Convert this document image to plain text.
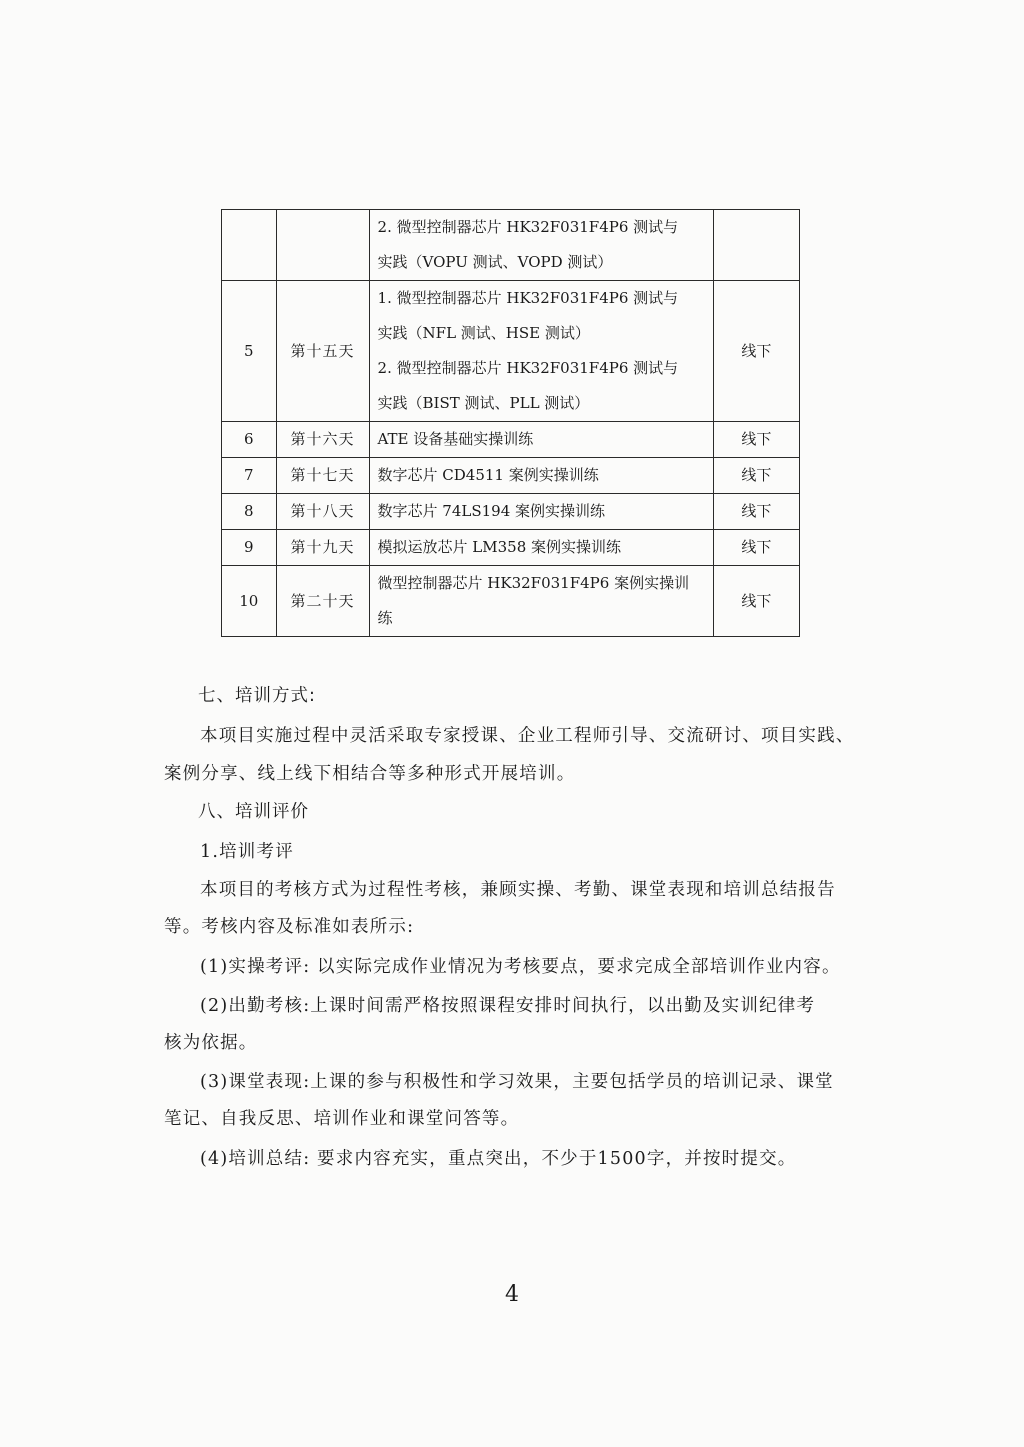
		2. 微型控制器芯片 HK32F031F4P6 测试与
实践（VOPU 测试、VOPD 测试）	

5	第十五天	1. 微型控制器芯片 HK32F031F4P6 测试与
实践（NFL 测试、HSE 测试）
2. 微型控制器芯片 HK32F031F4P6 测试与
实践（BIST 测试、PLL 测试）	线下
6	第十六天	ATE 设备基础实操训练	线下
7	第十七天	数字芯片 CD4511 案例实操训练	线下
8	第十八天	数字芯片 74LS194 案例实操训练	线下
9	第十九天	模拟运放芯片 LM358 案例实操训练	线下
10	第二十天	微型控制器芯片 HK32F031F4P6 案例实操训
练	线下

七、培训方式:

本项目实施过程中灵活采取专家授课、企业工程师引导、交流研讨、项目实践、

案例分享、线上线下相结合等多种形式开展培训。

八、培训评价

1.培训考评

本项目的考核方式为过程性考核，兼顾实操、考勤、课堂表现和培训总结报告

等。考核内容及标准如表所示:

(1)实操考评: 以实际完成作业情况为考核要点，要求完成全部培训作业内容。

(2)出勤考核:上课时间需严格按照课程安排时间执行，以出勤及实训纪律考

核为依据。

(3)课堂表现:上课的参与积极性和学习效果，主要包括学员的培训记录、课堂

笔记、自我反思、培训作业和课堂问答等。

(4)培训总结: 要求内容充实，重点突出，不少于1500字，并按时提交。

4
